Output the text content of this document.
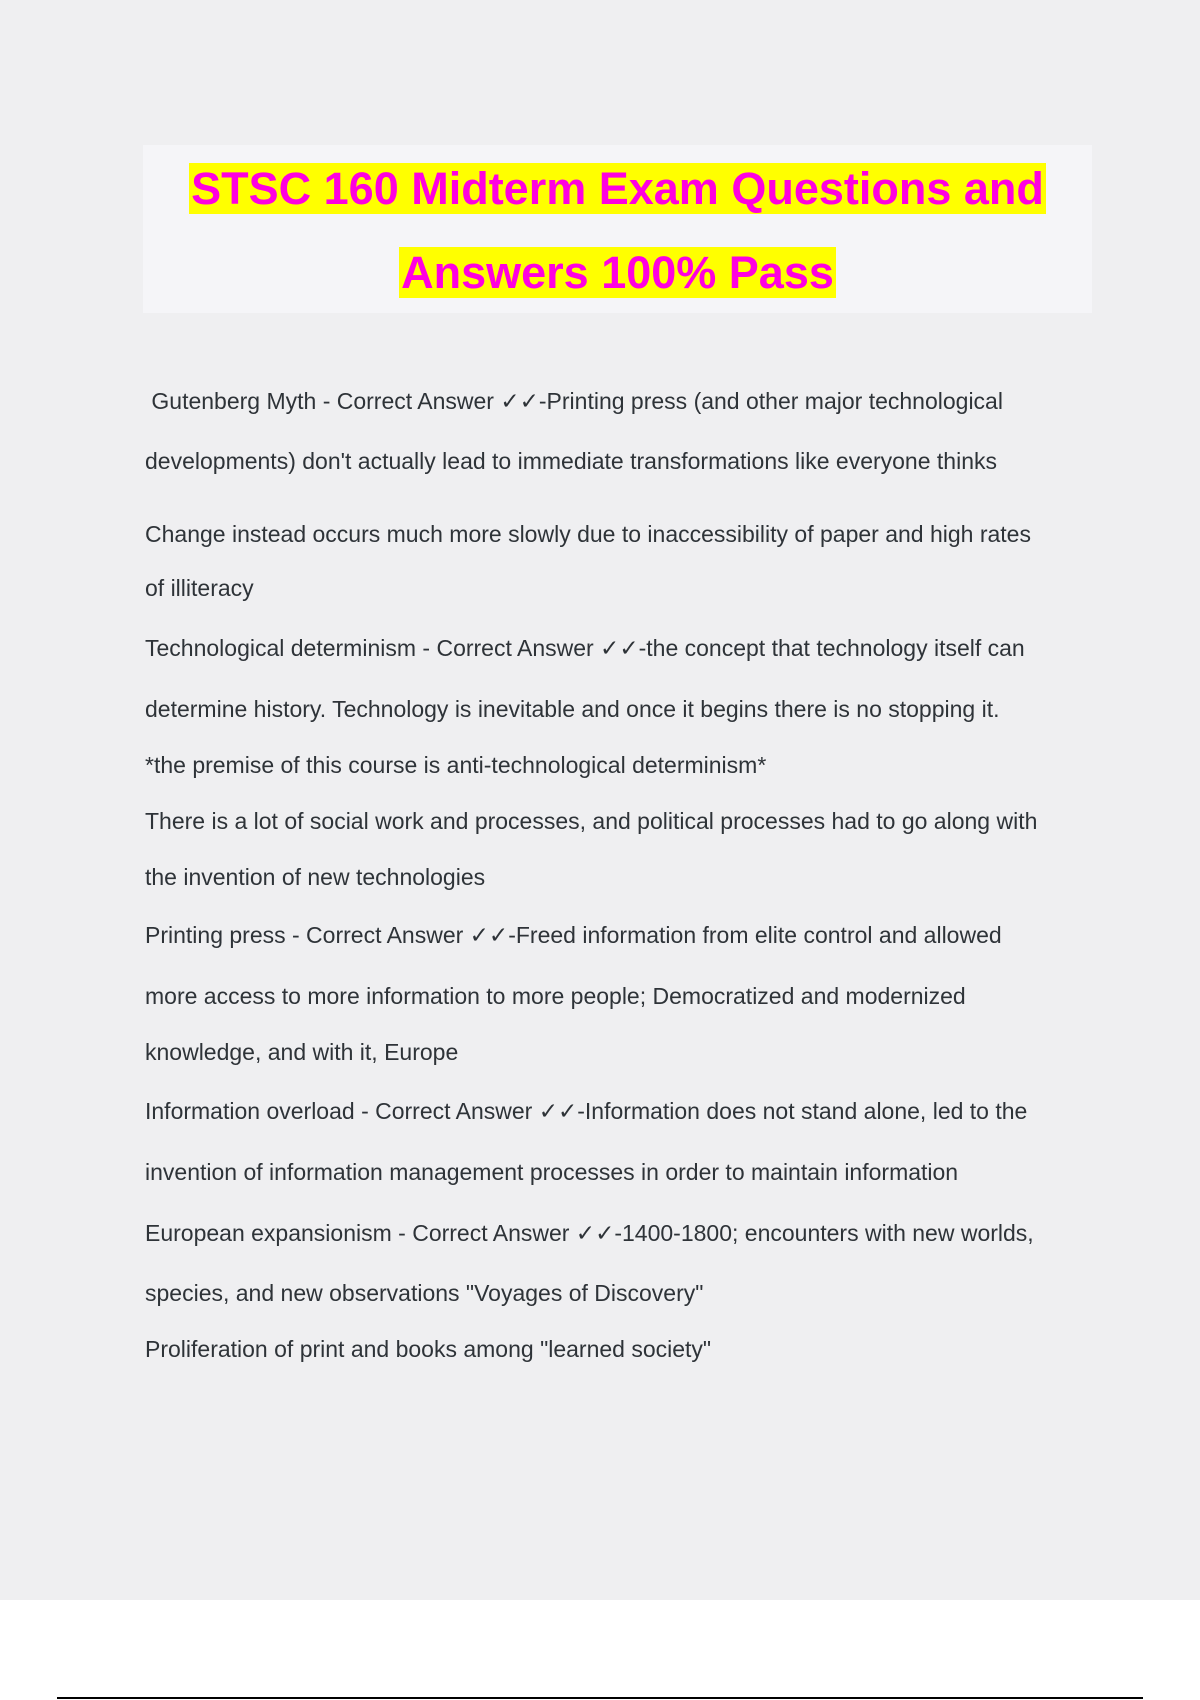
STSC 160 Midterm Exam Questions and

Answers 100% Pass

Gutenberg Myth - Correct Answer ✓✓-Printing press (and other major technological

developments) don't actually lead to immediate transformations like everyone thinks

Change instead occurs much more slowly due to inaccessibility of paper and high rates

of illiteracy

Technological determinism - Correct Answer ✓✓-the concept that technology itself can

determine history. Technology is inevitable and once it begins there is no stopping it.

*the premise of this course is anti-technological determinism*

There is a lot of social work and processes, and political processes had to go along with

the invention of new technologies

Printing press - Correct Answer ✓✓-Freed information from elite control and allowed

more access to more information to more people; Democratized and modernized

knowledge, and with it, Europe

Information overload - Correct Answer ✓✓-Information does not stand alone, led to the

invention of information management processes in order to maintain information

European expansionism - Correct Answer ✓✓-1400-1800; encounters with new worlds,

species, and new observations "Voyages of Discovery"

Proliferation of print and books among "learned society"
